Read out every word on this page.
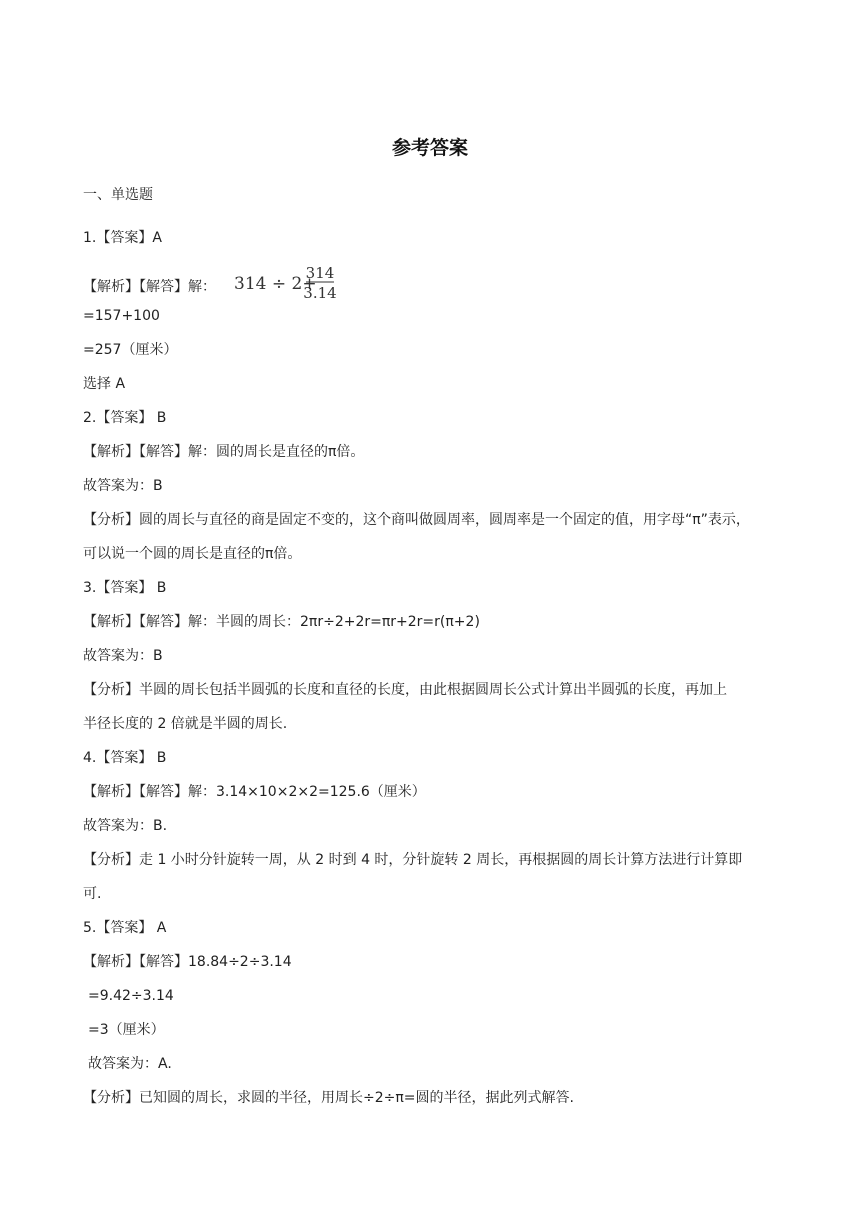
参考答案
一、单选题
1.【答案】A
【解析】【解答】解： 314 ÷ 2+
314
3.14
=157+100
=257（厘米）
选择 A
2.【答案】 B
【解析】【解答】解：圆的周长是直径的π倍。
故答案为：B
【分析】圆的周长与直径的商是固定不变的，这个商叫做圆周率，圆周率是一个固定的值，用字母“π”表示，
可以说一个圆的周长是直径的π倍。
3.【答案】 B
【解析】【解答】解：半圆的周长：2πr÷2+2r=πr+2r=r(π+2)
故答案为：B
【分析】半圆的周长包括半圆弧的长度和直径的长度，由此根据圆周长公式计算出半圆弧的长度，再加上
半径长度的 2 倍就是半圆的周长.
4.【答案】 B
【解析】【解答】解：3.14×10×2×2=125.6（厘米）
故答案为：B.
【分析】走 1 小时分针旋转一周，从 2 时到 4 时，分针旋转 2 周长，再根据圆的周长计算方法进行计算即
可.
5.【答案】 A
【解析】【解答】18.84÷2÷3.14
=9.42÷3.14
=3（厘米）
故答案为：A.
【分析】已知圆的周长，求圆的半径，用周长÷2÷π=圆的半径，据此列式解答.
